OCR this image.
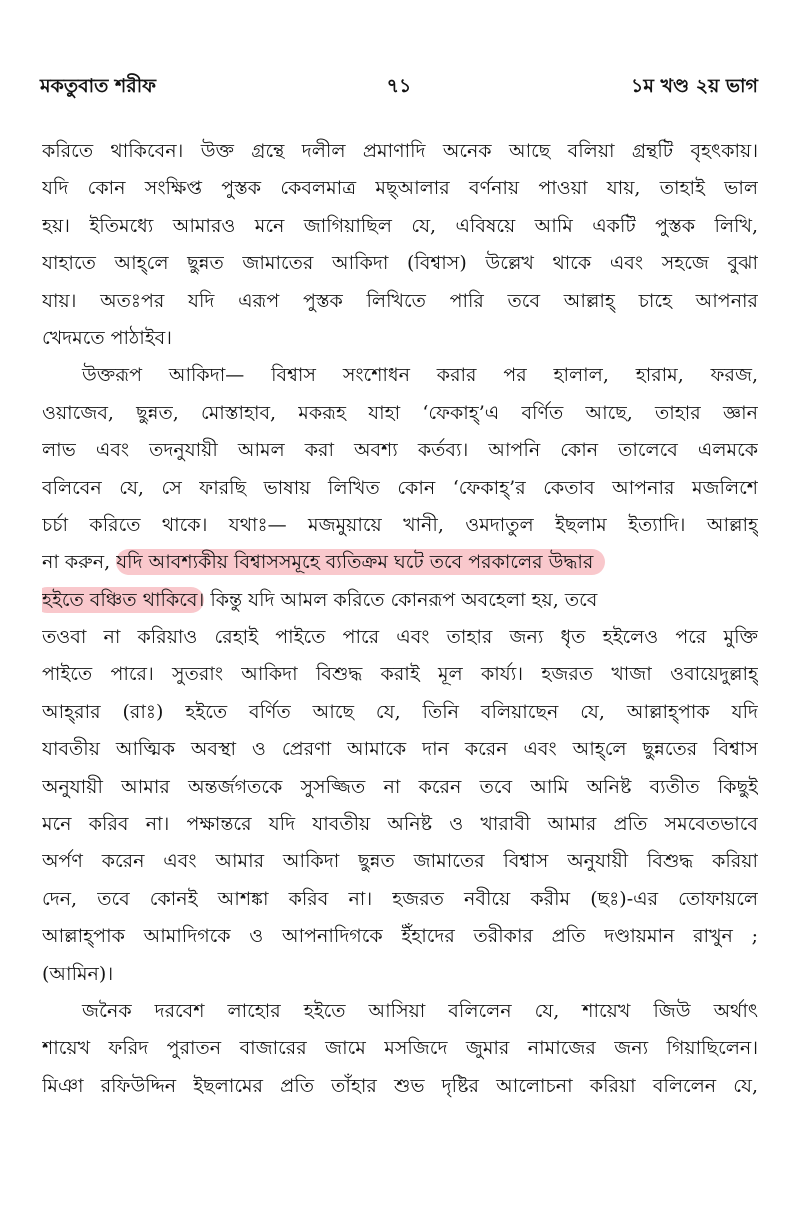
মকতুবাত শরীফ	৭১	১ম খণ্ড ২য় ভাগ
করিতে থাকিবেন। উক্ত গ্রন্থে দলীল প্রমাণাদি অনেক আছে বলিয়া গ্রন্থটি বৃহৎকায়।
যদি কোন সংক্ষিপ্ত পুস্তক কেবলমাত্র মছ্আলার বর্ণনায় পাওয়া যায়, তাহাই ভাল
হয়। ইতিমধ্যে আমারও মনে জাগিয়াছিল যে, এবিষয়ে আমি একটি পুস্তক লিখি,
যাহাতে আহ্‌লে ছুন্নত জামাতের আকিদা (বিশ্বাস) উল্লেখ থাকে এবং সহজে বুঝা
যায়। অতঃপর যদি এরূপ পুস্তক লিখিতে পারি তবে আল্লাহ্‌ চাহে আপনার
খেদমতে পাঠাইব।
উক্তরূপ আকিদা— বিশ্বাস সংশোধন করার পর হালাল, হারাম, ফরজ,
ওয়াজেব, ছুন্নত, মোস্তাহাব, মকরূহ যাহা ‘ফেকাহ্’এ বর্ণিত আছে, তাহার জ্ঞান
লাভ এবং তদনুযায়ী আমল করা অবশ্য কর্তব্য। আপনি কোন তালেবে এলমকে
বলিবেন যে, সে ফারছি ভাষায় লিখিত কোন ‘ফেকাহ্’র কেতাব আপনার মজলিশে
চর্চা করিতে থাকে। যথাঃ— মজমুয়ায়ে খানী, ওমদাতুল ইছলাম ইত্যাদি। আল্লাহ্‌
না করুন, যদি আবশ্যকীয় বিশ্বাসসমূহে ব্যতিক্রম ঘটে তবে পরকালের উদ্ধার
হইতে বঞ্চিত থাকিবে। কিন্তু যদি আমল করিতে কোনরূপ অবহেলা হয়, তবে
তওবা না করিয়াও রেহাই পাইতে পারে এবং তাহার জন্য ধৃত হইলেও পরে মুক্তি
পাইতে পারে। সুতরাং আকিদা বিশুদ্ধ করাই মূল কার্য্য। হজরত খাজা ওবায়েদুল্লাহ্‌
আহ্‌রার (রাঃ) হইতে বর্ণিত আছে যে, তিনি বলিয়াছেন যে, আল্লাহ্‌পাক যদি
যাবতীয় আত্মিক অবস্থা ও প্রেরণা আমাকে দান করেন এবং আহ্‌লে ছুন্নতের বিশ্বাস
অনুযায়ী আমার অন্তর্জগতকে সুসজ্জিত না করেন তবে আমি অনিষ্ট ব্যতীত কিছুই
মনে করিব না। পক্ষান্তরে যদি যাবতীয় অনিষ্ট ও খারাবী আমার প্রতি সমবেতভাবে
অর্পণ করেন এবং আমার আকিদা ছুন্নত জামাতের বিশ্বাস অনুযায়ী বিশুদ্ধ করিয়া
দেন, তবে কোনই আশঙ্কা করিব না। হজরত নবীয়ে করীম (ছঃ)-এর তোফায়লে
আল্লাহ্‌পাক আমাদিগকে ও আপনাদিগকে ইঁহাদের তরীকার প্রতি দণ্ডায়মান রাখুন ;
(আমিন)।
জনৈক দরবেশ লাহোর হইতে আসিয়া বলিলেন যে, শায়েখ জিউ অর্থাৎ
শায়েখ ফরিদ পুরাতন বাজারের জামে মসজিদে জুমার নামাজের জন্য গিয়াছিলেন।
মিঞা রফিউদ্দিন ইছলামের প্রতি তাঁহার শুভ দৃষ্টির আলোচনা করিয়া বলিলেন যে,
